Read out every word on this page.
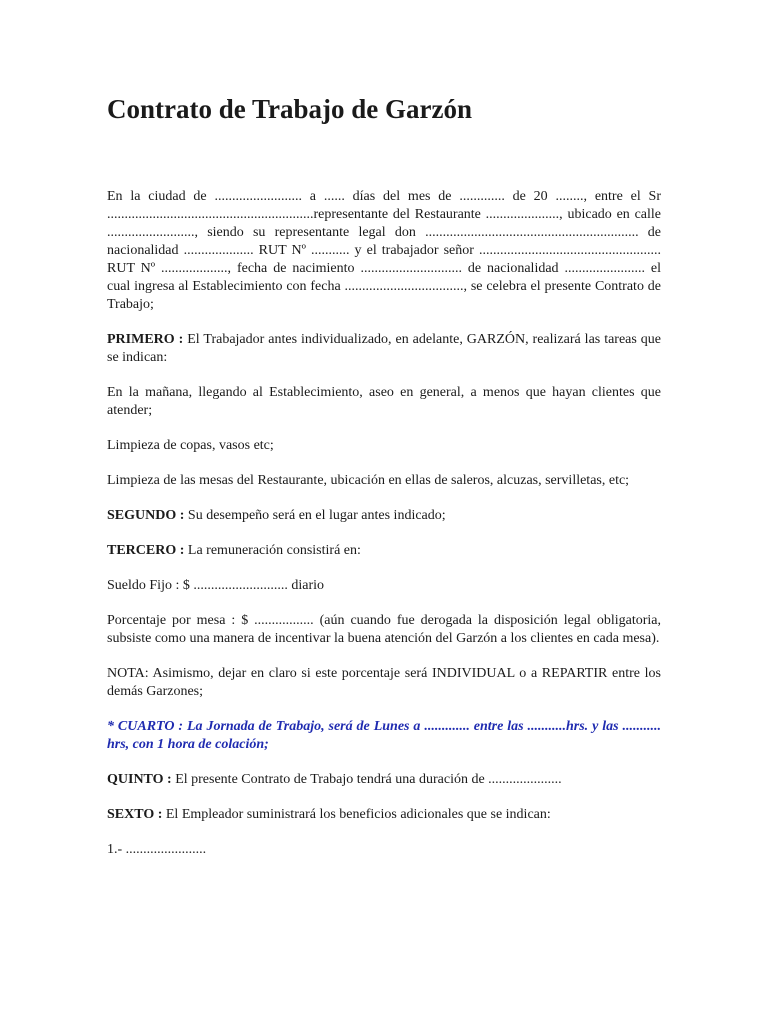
Contrato de Trabajo de Garzón

En la ciudad de ......................... a ...... días del mes de ............. de 20 ........, entre el Sr ...........................................................representante del Restaurante ....................., ubicado en calle ........................., siendo su representante legal don ............................................................. de nacionalidad .................... RUT Nº ........... y el trabajador señor .................................................... RUT Nº ..................., fecha de nacimiento ............................. de nacionalidad ....................... el cual ingresa al Establecimiento con fecha .................................., se celebra el presente Contrato de Trabajo;

PRIMERO : El Trabajador antes individualizado, en adelante, GARZÓN, realizará las tareas que se indican:

En la mañana, llegando al Establecimiento, aseo en general, a menos que hayan clientes que atender;

Limpieza de copas, vasos etc;

Limpieza de las mesas del Restaurante, ubicación en ellas de saleros, alcuzas, servilletas, etc;

SEGUNDO : Su desempeño será en el lugar antes indicado;

TERCERO : La remuneración consistirá en:

Sueldo Fijo : $ ........................... diario

Porcentaje por mesa : $ ................. (aún cuando fue derogada la disposición legal obligatoria, subsiste como una manera de incentivar la buena atención del Garzón a los clientes en cada mesa).

NOTA: Asimismo, dejar en claro si este porcentaje será INDIVIDUAL o a REPARTIR entre los demás Garzones;

* CUARTO : La Jornada de Trabajo, será de Lunes a ............. entre las ...........hrs. y las ........... hrs, con 1 hora de colación;

QUINTO : El presente Contrato de Trabajo tendrá una duración de .....................

SEXTO : El Empleador suministrará los beneficios adicionales que se indican:

1.- .......................
